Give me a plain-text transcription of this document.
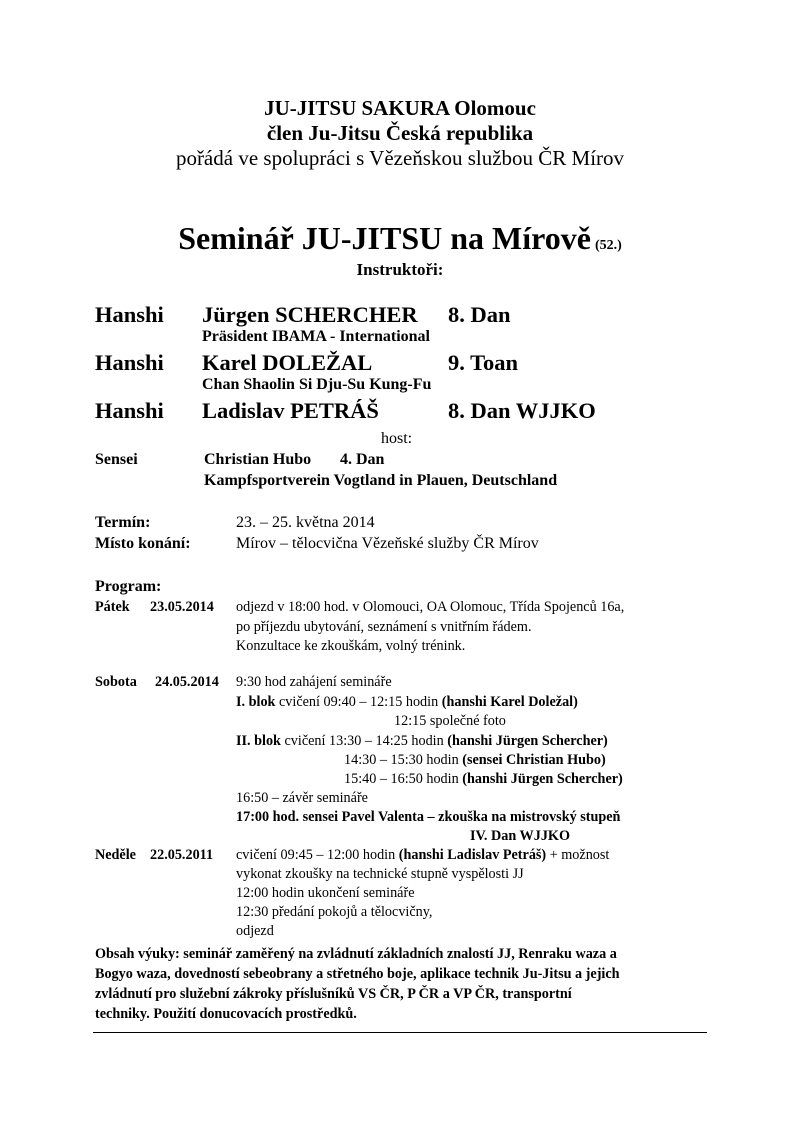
JU-JITSU SAKURA Olomouc
člen Ju-Jitsu Česká republika
pořádá ve spolupráci s Vězeňskou službou ČR Mírov
Seminář JU-JITSU na Mírově (52.)
Instruktoři:
Hanshi Jürgen SCHERCHER 8. Dan
Präsident IBAMA - International
Hanshi Karel DOLEŽAL	9. Toan
Chan Shaolin Si Dju-Su Kung-Fu
Hanshi Ladislav PETRÁŠ	8. Dan WJJKO
host:
Sensei	Christian Hubo 4. Dan
Kampfsportverein Vogtland in Plauen, Deutschland
Termín:	23. – 25. května 2014
Místo konání:	Mírov – tělocvična Vězeňské služby ČR Mírov
Program:
Pátek 23.05.2014 odjezd v 18:00 hod. v Olomouci, OA Olomouc, Třída Spojenců 16a,
po příjezdu ubytování, seznámení s vnitřním řádem.
Konzultace ke zkouškám, volný trénink.
Sobota 24.05.2014 9:30 hod zahájení semináře
I. blok cvičení 09:40 – 12:15 hodin (hanshi Karel Doležal)
12:15 společné foto
II. blok cvičení 13:30 – 14:25 hodin (hanshi Jürgen Schercher)
14:30 – 15:30 hodin (sensei Christian Hubo)
15:40 – 16:50 hodin (hanshi Jürgen Schercher)
16:50 – závěr semináře
17:00 hod. sensei Pavel Valenta – zkouška na mistrovský stupeň
IV. Dan WJJKO
Neděle 22.05.2011 cvičení 09:45 – 12:00 hodin (hanshi Ladislav Petráš) + možnost
vykonat zkoušky na technické stupně vyspělosti JJ
12:00 hodin ukončení semináře
12:30 předání pokojů a tělocvičny,
odjezd
Obsah výuky: seminář zaměřený na zvládnutí základních znalostí JJ, Renraku waza a
Bogyo waza, dovedností sebeobrany a střetného boje, aplikace technik Ju-Jitsu a jejich
zvládnutí pro služební zákroky příslušníků VS ČR, P ČR a VP ČR, transportní
techniky. Použití donucovacích prostředků.
